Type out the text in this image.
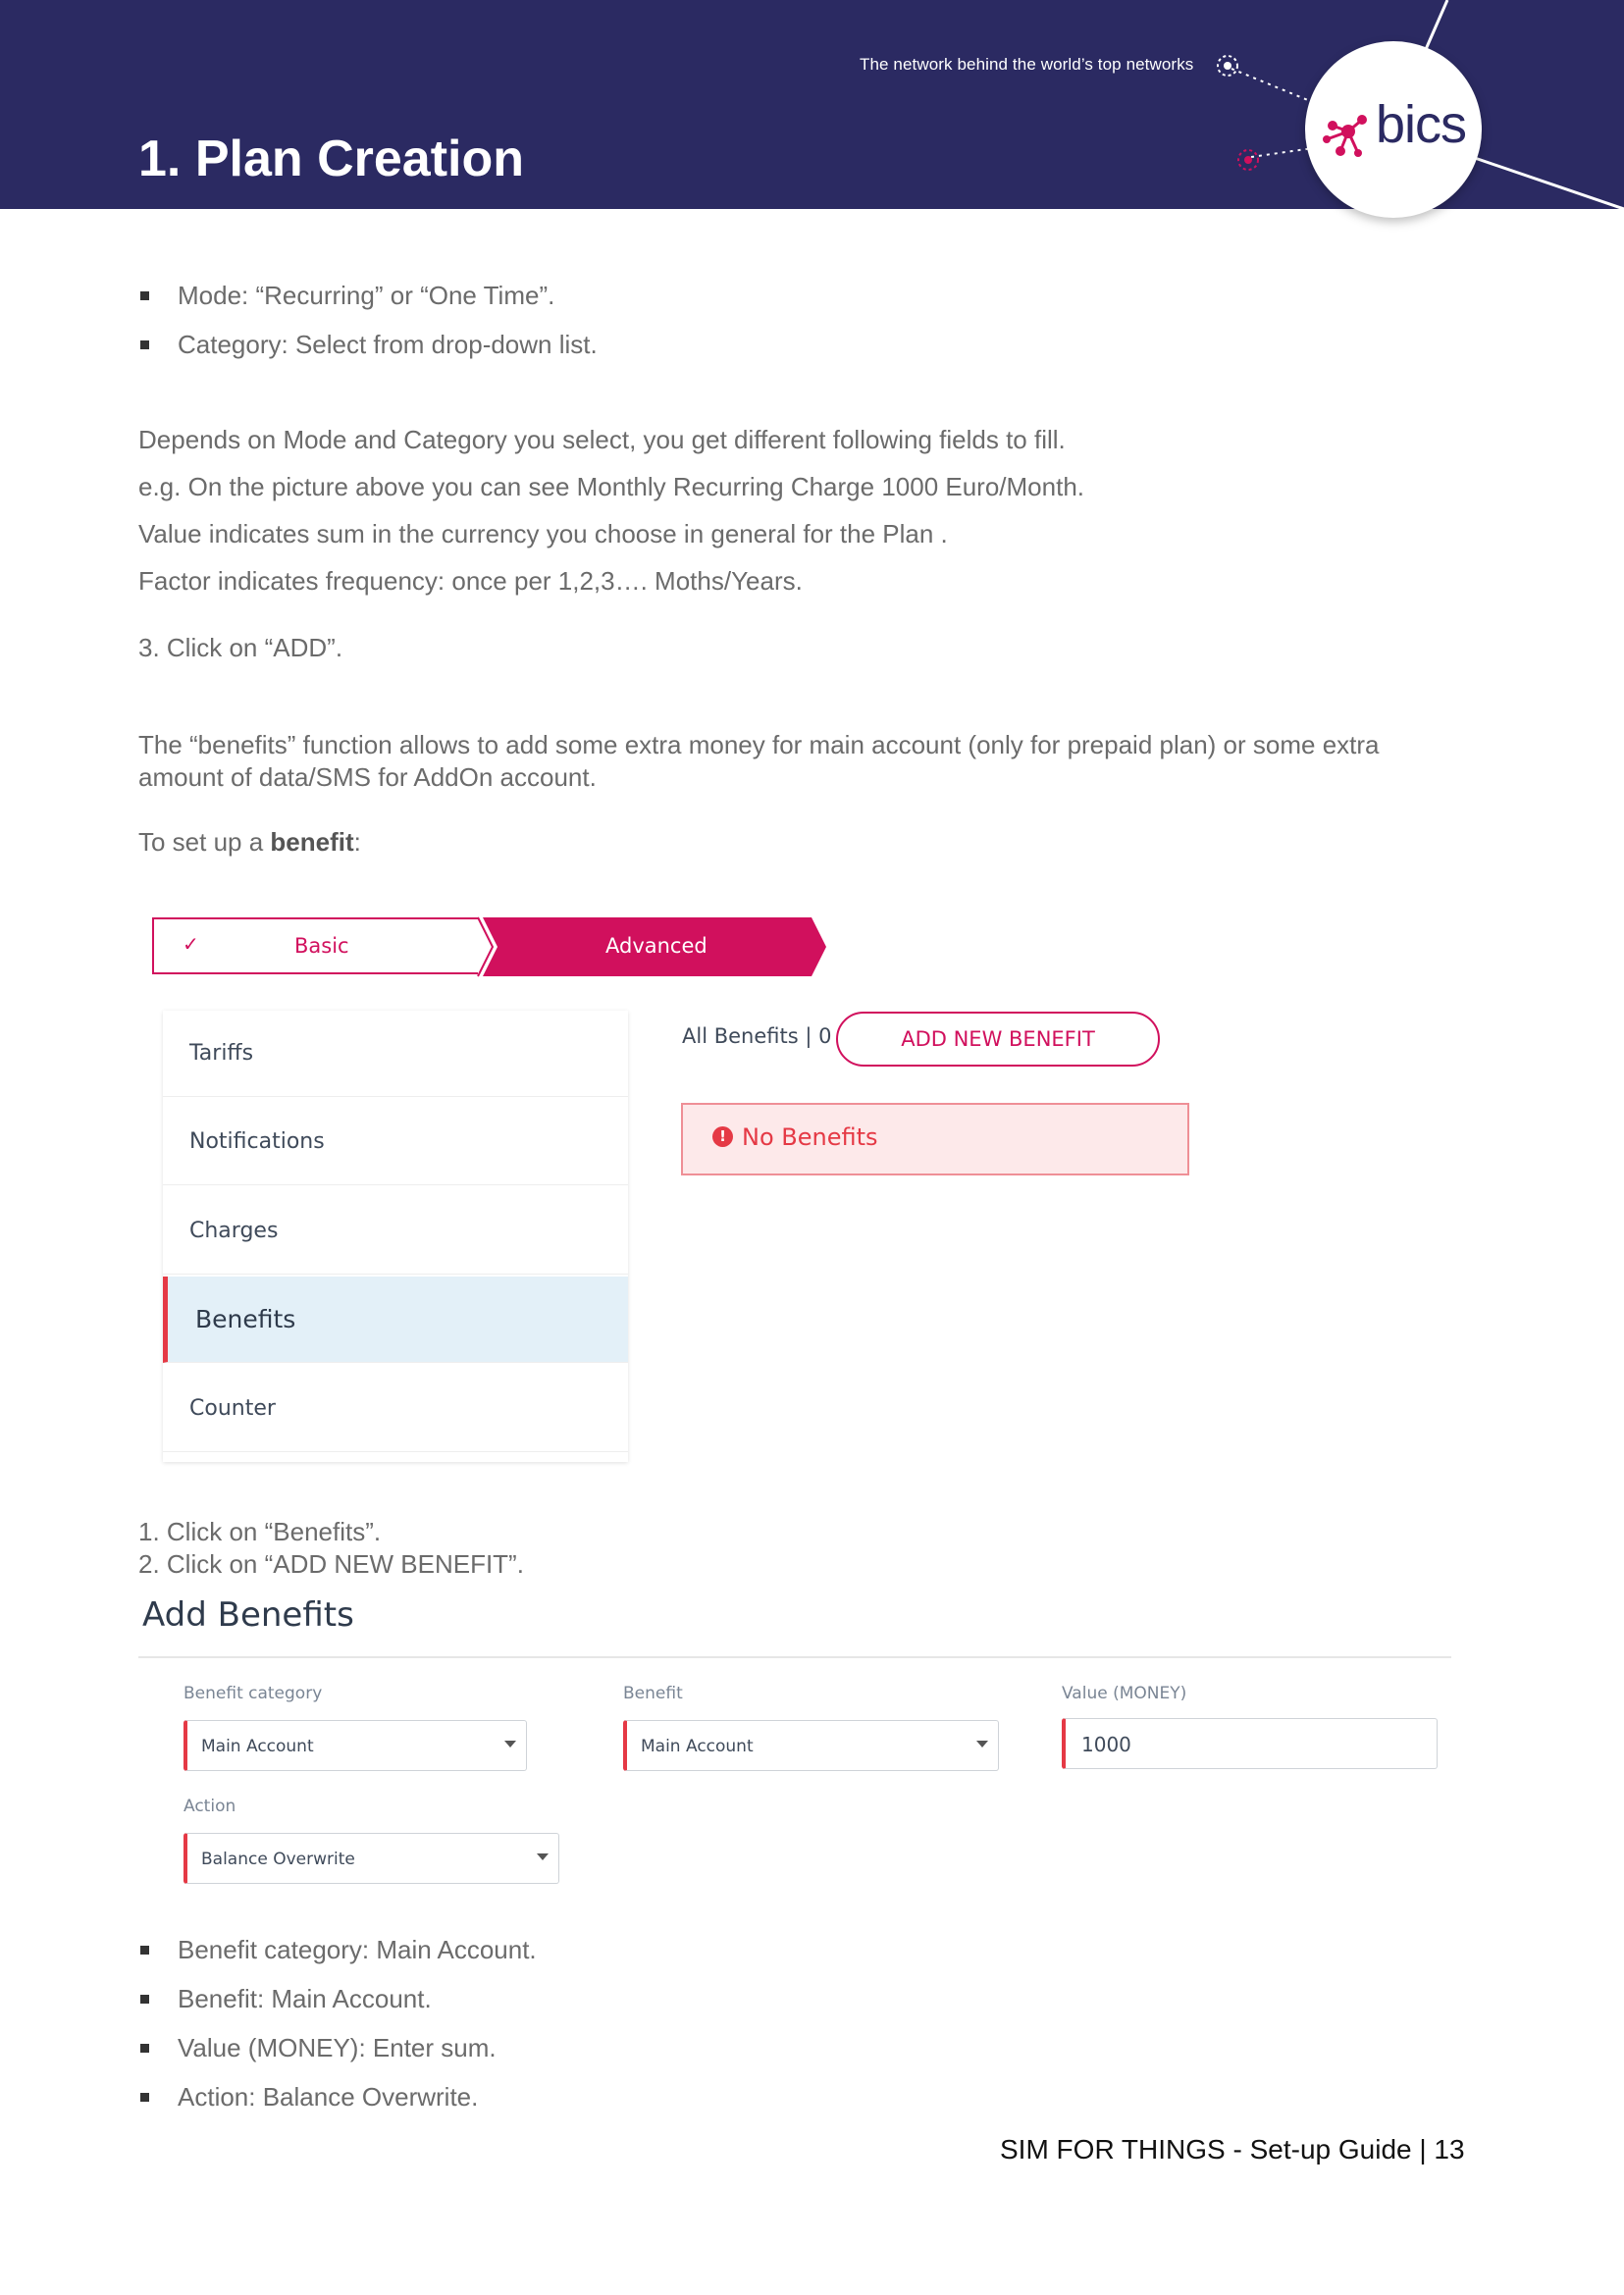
The network behind the world’s top networks
1. Plan Creation
bics
Mode: “Recurring” or “One Time”.
Category: Select from drop-down list.
Depends on Mode and Category you select, you get different following fields to fill.
e.g. On the picture above you can see Monthly Recurring Charge 1000 Euro/Month.
Value indicates sum in the currency you choose in general for the Plan .
Factor indicates frequency: once per 1,2,3…. Moths/Years.
3. Click on “ADD”.
The “benefits” function allows to add some extra money for main account (only for prepaid plan) or some extra
amount of data/SMS for AddOn account.
To set up a benefit:
✓	Basic	Advanced
Tariffs
Notifications
Charges
Benefits
Counter
All Benefits | 0	ADD NEW BENEFIT
! No Benefits
1. Click on “Benefits”.
2. Click on “ADD NEW BENEFIT”.
Add Benefits
Benefit category
Main Account
Benefit
Main Account
Value (MONEY)
1000
Action
Balance Overwrite
Benefit category: Main Account.
Benefit: Main Account.
Value (MONEY): Enter sum.
Action: Balance Overwrite.
SIM FOR THINGS - Set-up Guide | 13
